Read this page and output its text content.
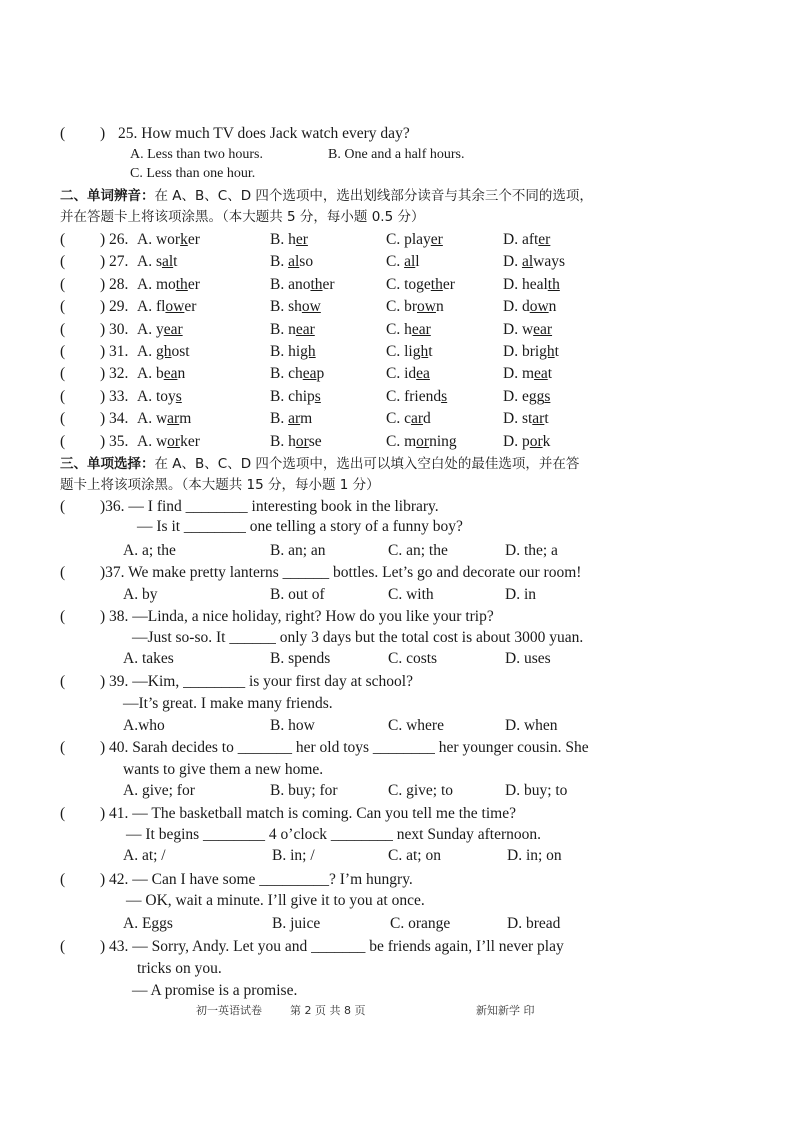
( ) 25. How much TV does Jack watch every day?
A. Less than two hours.	B. One and a half hours.
C. Less than one hour.
二、单词辨音：在 A、B、C、D 四个选项中，选出划线部分读音与其余三个不同的选项，
并在答题卡上将该项涂黑。（本大题共 5 分，每小题 0.5 分）
( ) 26. A. worker	B. her	C. player	D. after
( ) 27. A. salt	B. also	C. all	D. always
( ) 28. A. mother	B. another	C. together	D. health
( ) 29. A. flower	B. show	C. brown	D. down
( ) 30. A. year	B. near	C. hear	D. wear
( ) 31. A. ghost	B. high	C. light	D. bright
( ) 32. A. bean	B. cheap	C. idea	D. meat
( ) 33. A. toys	B. chips	C. friends	D. eggs
( ) 34. A. warm	B. arm	C. card	D. start
( ) 35. A. worker	B. horse	C. morning	D. pork
三、单项选择：在 A、B、C、D 四个选项中，选出可以填入空白处的最佳选项，并在答
题卡上将该项涂黑。（本大题共 15 分，每小题 1 分）
( )36. — I find ________ interesting book in the library.
— Is it ________ one telling a story of a funny boy?
A. a; the	B. an; an	C. an; the	D. the; a
( )37. We make pretty lanterns ______ bottles. Let’s go and decorate our room!
A. by	B. out of	C. with	D. in
( ) 38. —Linda, a nice holiday, right? How do you like your trip?
—Just so-so. It ______ only 3 days but the total cost is about 3000 yuan.
A. takes	B. spends	C. costs	D. uses
( ) 39. —Kim, ________ is your first day at school?
—It’s great. I make many friends.
A.who	B. how	C. where	D. when
( ) 40. Sarah decides to _______ her old toys ________ her younger cousin. She
wants to give them a new home.
A. give; for	B. buy; for	C. give; to	D. buy; to
( ) 41. — The basketball match is coming. Can you tell me the time?
— It begins ________ 4 o’clock ________ next Sunday afternoon.
A. at; /	B. in; /	C. at; on	D. in; on
( ) 42. — Can I have some _________? I’m hungry.
— OK, wait a minute. I’ll give it to you at once.
A. Eggs	B. juice	C. orange	D. bread
( ) 43. — Sorry, Andy. Let you and _______ be friends again, I’ll never play
tricks on you.
— A promise is a promise.
初一英语试卷	第 2 页 共 8 页	新知新学 印
